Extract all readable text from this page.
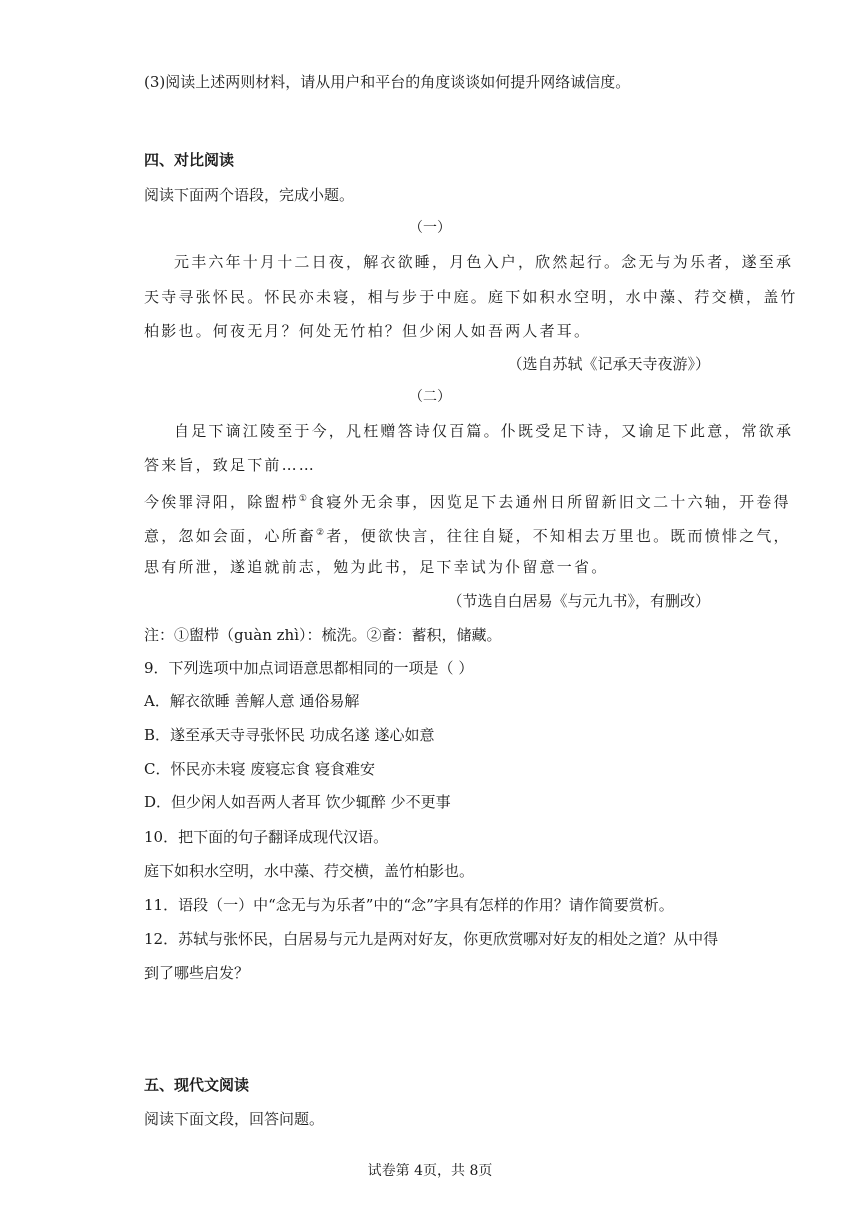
(3)阅读上述两则材料，请从用户和平台的角度谈谈如何提升网络诚信度。
四、对比阅读
阅读下面两个语段，完成小题。
（一）
元丰六年十月十二日夜，解衣欲睡，月色入户，欣然起行。念无与为乐者，遂至承
天寺寻张怀民。怀民亦未寝，相与步于中庭。庭下如积水空明，水中藻、荇交横，盖竹
柏影也。何夜无月？何处无竹柏？但少闲人如吾两人者耳。
（选自苏轼《记承天寺夜游》）
（二）
自足下谪江陵至于今，凡枉赠答诗仅百篇。仆既受足下诗，又谕足下此意，常欲承
答来旨，致足下前……
今俟罪浔阳，除盥栉①食寝外无余事，因览足下去通州日所留新旧文二十六轴，开卷得
意，忽如会面，心所畜②者，便欲快言，往往自疑，不知相去万里也。既而愤悱之气，
思有所泄，遂追就前志，勉为此书，足下幸试为仆留意一省。
（节选自白居易《与元九书》，有删改）
注：①盥栉（guàn zhì）：梳洗。②畜：蓄积，储藏。
9．下列选项中加点词语意思都相同的一项是（ ）
A．解衣欲睡 善解人意 通俗易解
B．遂至承天寺寻张怀民 功成名遂 遂心如意
C．怀民亦未寝 废寝忘食 寝食难安
D．但少闲人如吾两人者耳 饮少辄醉 少不更事
10．把下面的句子翻译成现代汉语。
庭下如积水空明，水中藻、荇交横，盖竹柏影也。
11．语段（一）中“念无与为乐者”中的“念”字具有怎样的作用？请作简要赏析。
12．苏轼与张怀民，白居易与元九是两对好友，你更欣赏哪对好友的相处之道？从中得
到了哪些启发？
五、现代文阅读
阅读下面文段，回答问题。
试卷第 4页，共 8页
